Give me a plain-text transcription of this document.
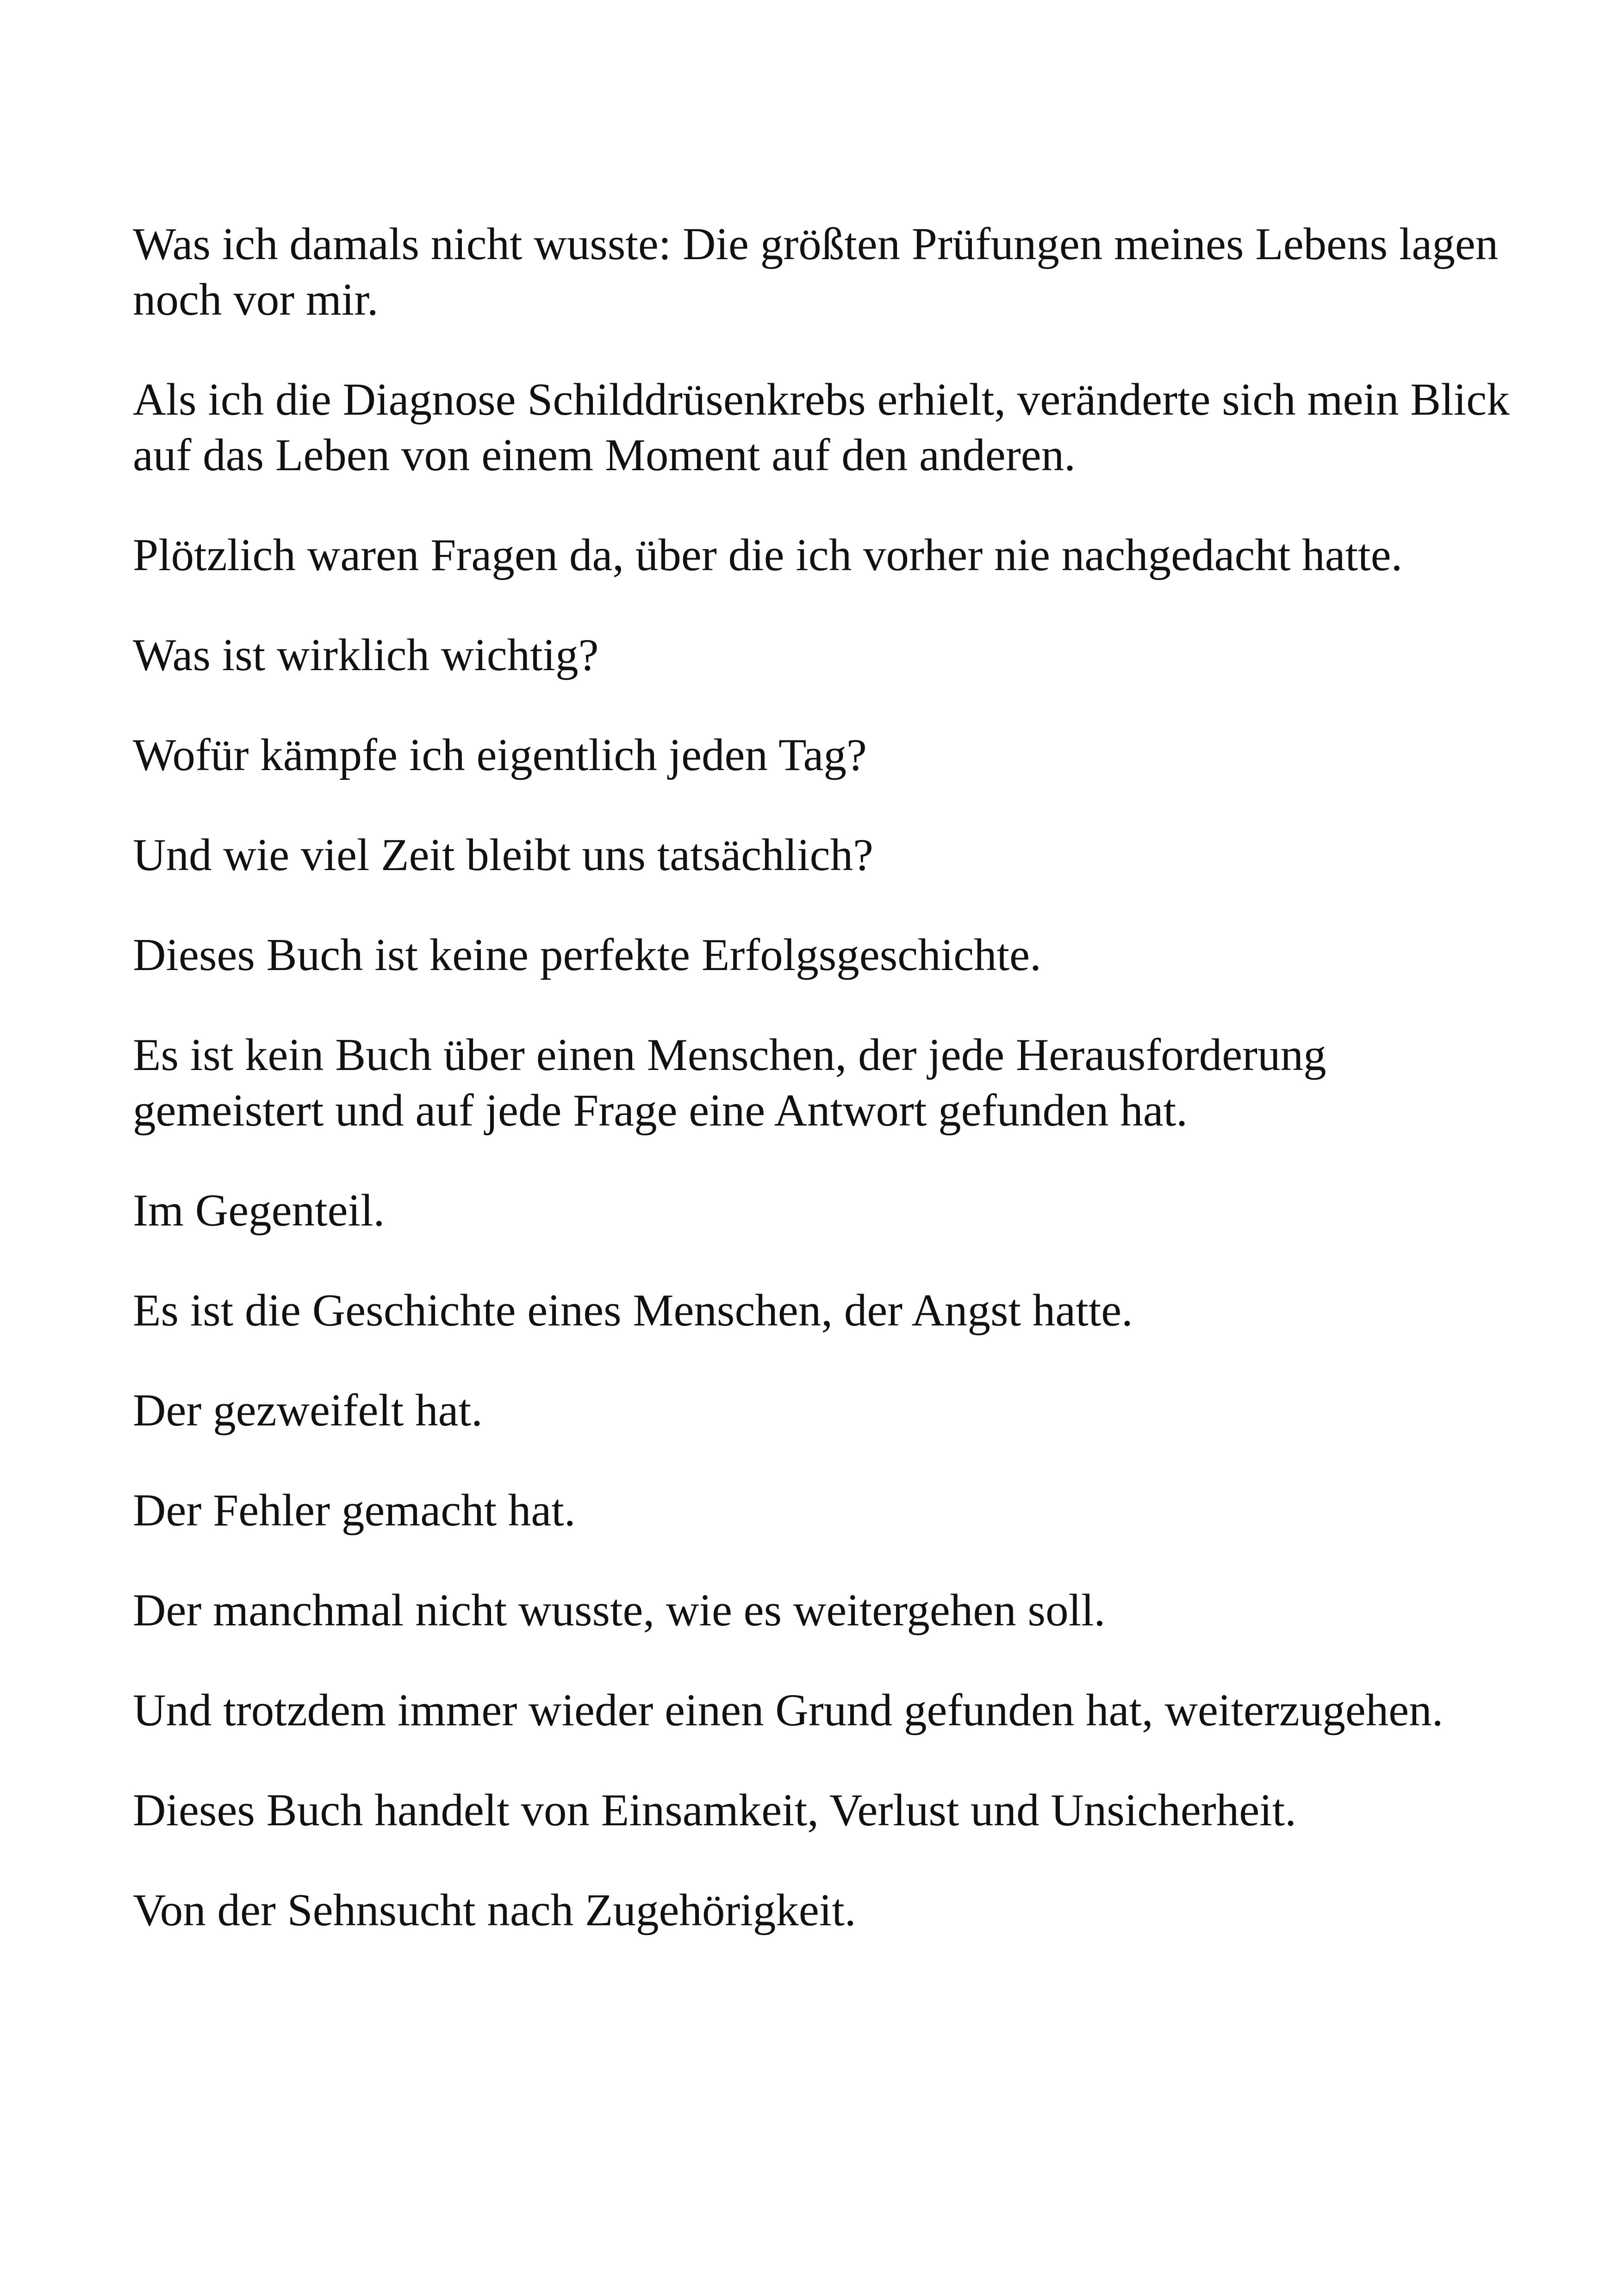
Was ich damals nicht wusste: Die größten Prüfungen meines Lebens lagen noch vor mir.

Als ich die Diagnose Schilddrüsenkrebs erhielt, veränderte sich mein Blick auf das Leben von einem Moment auf den anderen.

Plötzlich waren Fragen da, über die ich vorher nie nachgedacht hatte.

Was ist wirklich wichtig?

Wofür kämpfe ich eigentlich jeden Tag?

Und wie viel Zeit bleibt uns tatsächlich?

Dieses Buch ist keine perfekte Erfolgsgeschichte.

Es ist kein Buch über einen Menschen, der jede Herausforderung gemeistert und auf jede Frage eine Antwort gefunden hat.

Im Gegenteil.

Es ist die Geschichte eines Menschen, der Angst hatte.

Der gezweifelt hat.

Der Fehler gemacht hat.

Der manchmal nicht wusste, wie es weitergehen soll.

Und trotzdem immer wieder einen Grund gefunden hat, weiterzugehen.

Dieses Buch handelt von Einsamkeit, Verlust und Unsicherheit.

Von der Sehnsucht nach Zugehörigkeit.
